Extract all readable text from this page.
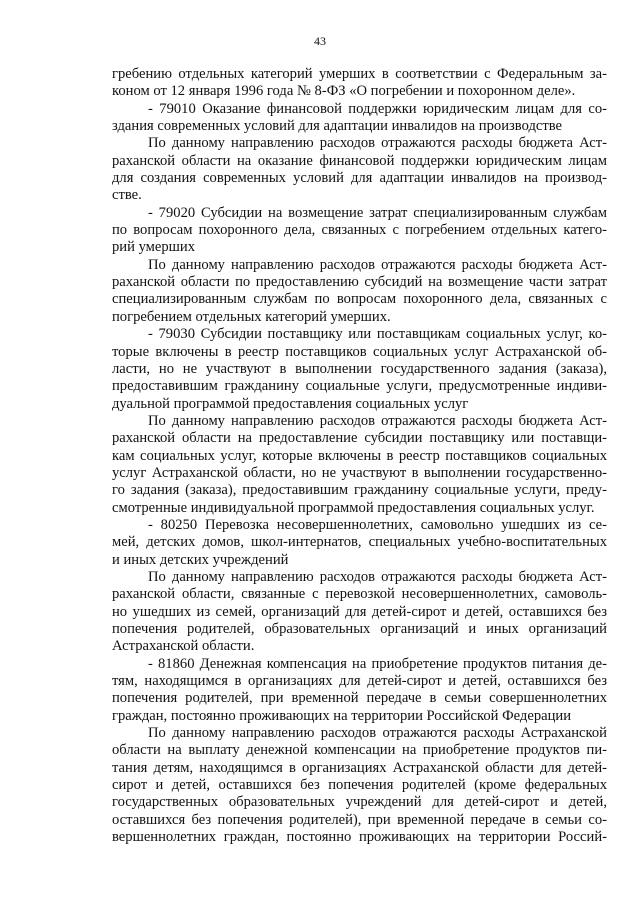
43
гребению отдельных категорий умерших в соответствии с Федеральным за-
коном от 12 января 1996 года № 8-ФЗ «О погребении и похоронном деле».
- 79010 Оказание финансовой поддержки юридическим лицам для со-
здания современных условий для адаптации инвалидов на производстве
По данному направлению расходов отражаются расходы бюджета Аст-
раханской области на оказание финансовой поддержки юридическим лицам
для создания современных условий для адаптации инвалидов на производ-
стве.
- 79020 Субсидии на возмещение затрат специализированным службам
по вопросам похоронного дела, связанных с погребением отдельных катего-
рий умерших
По данному направлению расходов отражаются расходы бюджета Аст-
раханской области по предоставлению субсидий на возмещение части затрат
специализированным службам по вопросам похоронного дела, связанных с
погребением отдельных категорий умерших.
- 79030 Субсидии поставщику или поставщикам социальных услуг, ко-
торые включены в реестр поставщиков социальных услуг Астраханской об-
ласти, но не участвуют в выполнении государственного задания (заказа),
предоставившим гражданину социальные услуги, предусмотренные индиви-
дуальной программой предоставления социальных услуг
По данному направлению расходов отражаются расходы бюджета Аст-
раханской области на предоставление субсидии поставщику или поставщи-
кам социальных услуг, которые включены в реестр поставщиков социальных
услуг Астраханской области, но не участвуют в выполнении государственно-
го задания (заказа), предоставившим гражданину социальные услуги, преду-
смотренные индивидуальной программой предоставления социальных услуг.
- 80250 Перевозка несовершеннолетних, самовольно ушедших из се-
мей, детских домов, школ-интернатов, специальных учебно-воспитательных
и иных детских учреждений
По данному направлению расходов отражаются расходы бюджета Аст-
раханской области, связанные с перевозкой несовершеннолетних, самоволь-
но ушедших из семей, организаций для детей-сирот и детей, оставшихся без
попечения родителей, образовательных организаций и иных организаций
Астраханской области.
- 81860 Денежная компенсация на приобретение продуктов питания де-
тям, находящимся в организациях для детей-сирот и детей, оставшихся без
попечения родителей, при временной передаче в семьи совершеннолетних
граждан, постоянно проживающих на территории Российской Федерации
По данному направлению расходов отражаются расходы Астраханской
области на выплату денежной компенсации на приобретение продуктов пи-
тания детям, находящимся в организациях Астраханской области для детей-
сирот и детей, оставшихся без попечения родителей (кроме федеральных
государственных образовательных учреждений для детей-сирот и детей,
оставшихся без попечения родителей), при временной передаче в семьи со-
вершеннолетних граждан, постоянно проживающих на территории Россий-
